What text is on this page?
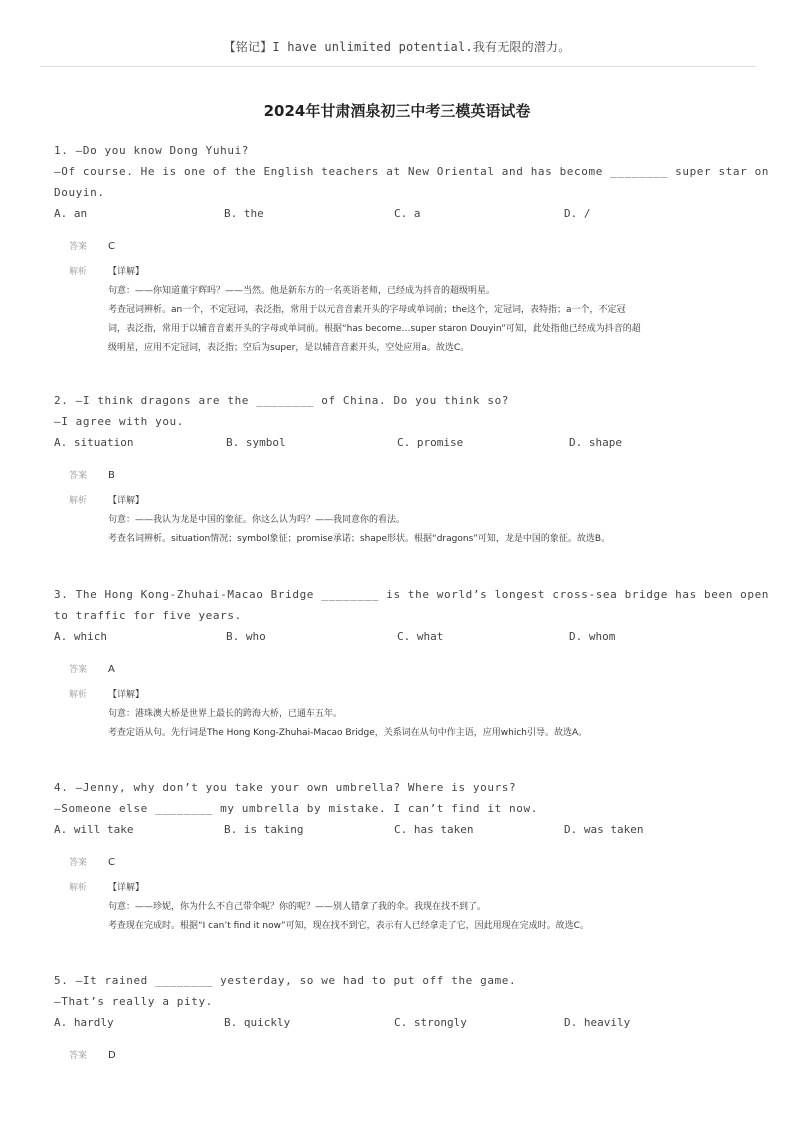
【铭记】I have unlimited potential.我有无限的潜力。
2024年甘肃酒泉初三中考三模英语试卷
1. —Do you know Dong Yuhui?
—Of course. He is one of the English teachers at New Oriental and has become ________ super star on
Douyin.
A. an	B. the	C. a	D. /
答案 C
解析 【详解】
句意：——你知道董宇辉吗？——当然。他是新东方的一名英语老师，已经成为抖音的超级明星。
考查冠词辨析。an一个，不定冠词，表泛指，常用于以元音音素开头的字母或单词前；the这个，定冠词，表特指；a一个，不定冠
词，表泛指，常用于以辅音音素开头的字母或单词前。根据“has become…super staron Douyin”可知，此处指他已经成为抖音的超
级明星，应用不定冠词，表泛指；空后为super，是以辅音音素开头，空处应用a。故选C。
2. —I think dragons are the ________ of China. Do you think so?
—I agree with you.
A. situation	B. symbol	C. promise	D. shape
答案 B
解析 【详解】
句意：——我认为龙是中国的象征。你这么认为吗？——我同意你的看法。
考查名词辨析。situation情况；symbol象征；promise承诺；shape形状。根据“dragons”可知，龙是中国的象征。故选B。
3. The Hong Kong-Zhuhai-Macao Bridge ________ is the world’s longest cross-sea bridge has been open
to traffic for five years.
A. which	B. who	C. what	D. whom
答案 A
解析 【详解】
句意：港珠澳大桥是世界上最长的跨海大桥，已通车五年。
考查定语从句。先行词是The Hong Kong-Zhuhai-Macao Bridge，关系词在从句中作主语，应用which引导。故选A。
4. —Jenny, why don’t you take your own umbrella? Where is yours?
—Someone else ________ my umbrella by mistake. I can’t find it now.
A. will take	B. is taking	C. has taken	D. was taken
答案 C
解析 【详解】
句意：——珍妮，你为什么不自己带伞呢？你的呢？——别人错拿了我的伞。我现在找不到了。
考查现在完成时。根据“I can’t find it now”可知，现在找不到它，表示有人已经拿走了它，因此用现在完成时。故选C。
5. —It rained ________ yesterday, so we had to put off the game.
—That’s really a pity.
A. hardly	B. quickly	C. strongly	D. heavily
答案 D
